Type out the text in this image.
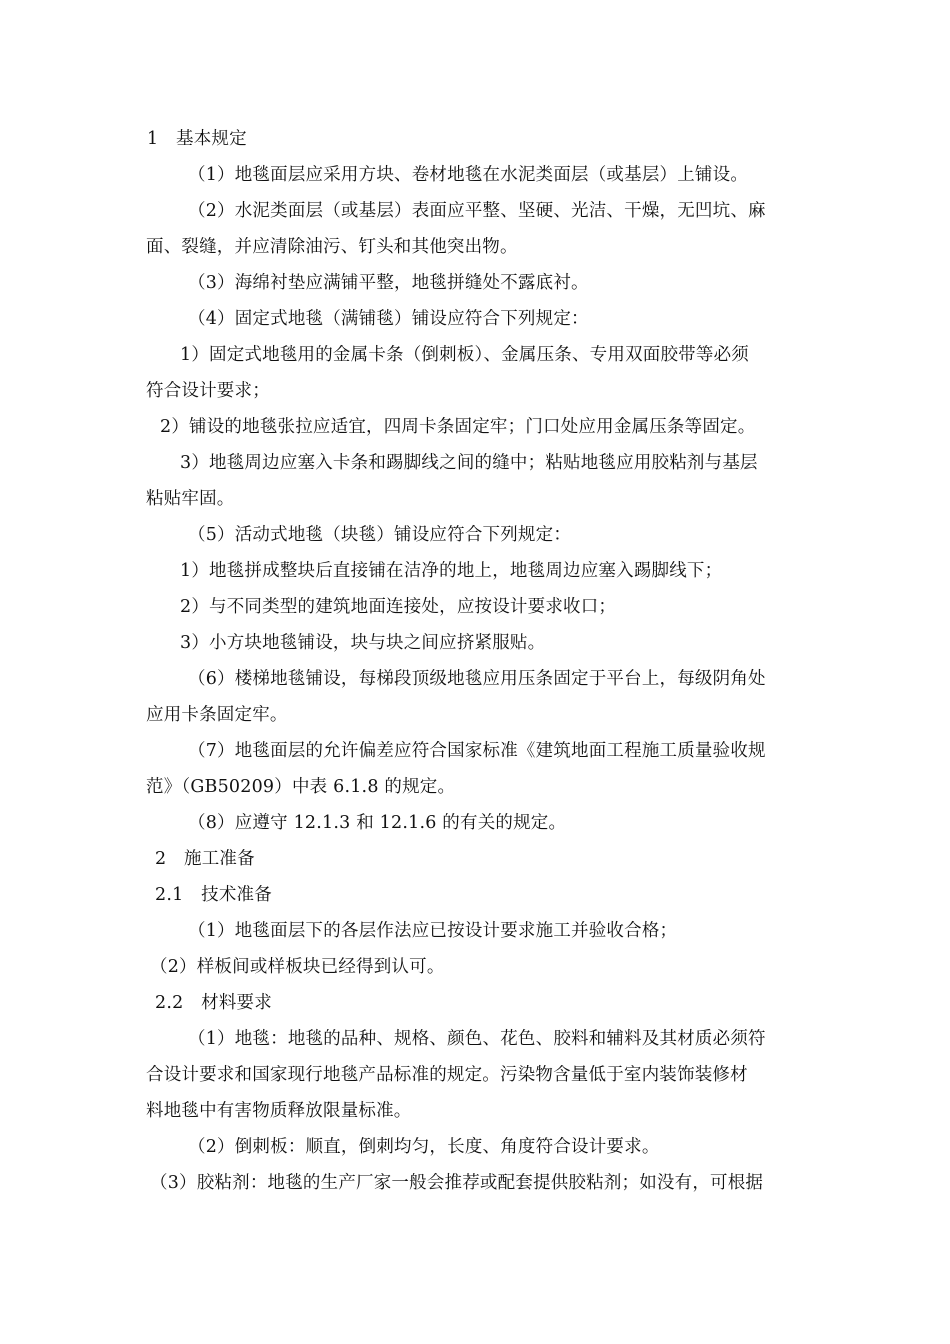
1　基本规定
（1）地毯面层应采用方块、卷材地毯在水泥类面层（或基层）上铺设。
（2）水泥类面层（或基层）表面应平整、坚硬、光洁、干燥，无凹坑、麻
面、裂缝，并应清除油污、钉头和其他突出物。
（3）海绵衬垫应满铺平整，地毯拼缝处不露底衬。
（4）固定式地毯（满铺毯）铺设应符合下列规定：
1）固定式地毯用的金属卡条（倒刺板）、金属压条、专用双面胶带等必须
符合设计要求；
2）铺设的地毯张拉应适宜，四周卡条固定牢；门口处应用金属压条等固定。
3）地毯周边应塞入卡条和踢脚线之间的缝中；粘贴地毯应用胶粘剂与基层
粘贴牢固。
（5）活动式地毯（块毯）铺设应符合下列规定：
1）地毯拼成整块后直接铺在洁净的地上，地毯周边应塞入踢脚线下；
2）与不同类型的建筑地面连接处，应按设计要求收口；
3）小方块地毯铺设，块与块之间应挤紧服贴。
（6）楼梯地毯铺设，每梯段顶级地毯应用压条固定于平台上，每级阴角处
应用卡条固定牢。
（7）地毯面层的允许偏差应符合国家标准《建筑地面工程施工质量验收规
范》（GB50209）中表 6.1.8 的规定。
（8）应遵守 12.1.3 和 12.1.6 的有关的规定。
2　施工准备
2.1　技术准备
（1）地毯面层下的各层作法应已按设计要求施工并验收合格；
（2）样板间或样板块已经得到认可。
2.2　材料要求
（1）地毯：地毯的品种、规格、颜色、花色、胶料和辅料及其材质必须符
合设计要求和国家现行地毯产品标准的规定。污染物含量低于室内装饰装修材
料地毯中有害物质释放限量标准。
（2）倒刺板：顺直，倒刺均匀，长度、角度符合设计要求。
（3）胶粘剂：地毯的生产厂家一般会推荐或配套提供胶粘剂；如没有，可根据
